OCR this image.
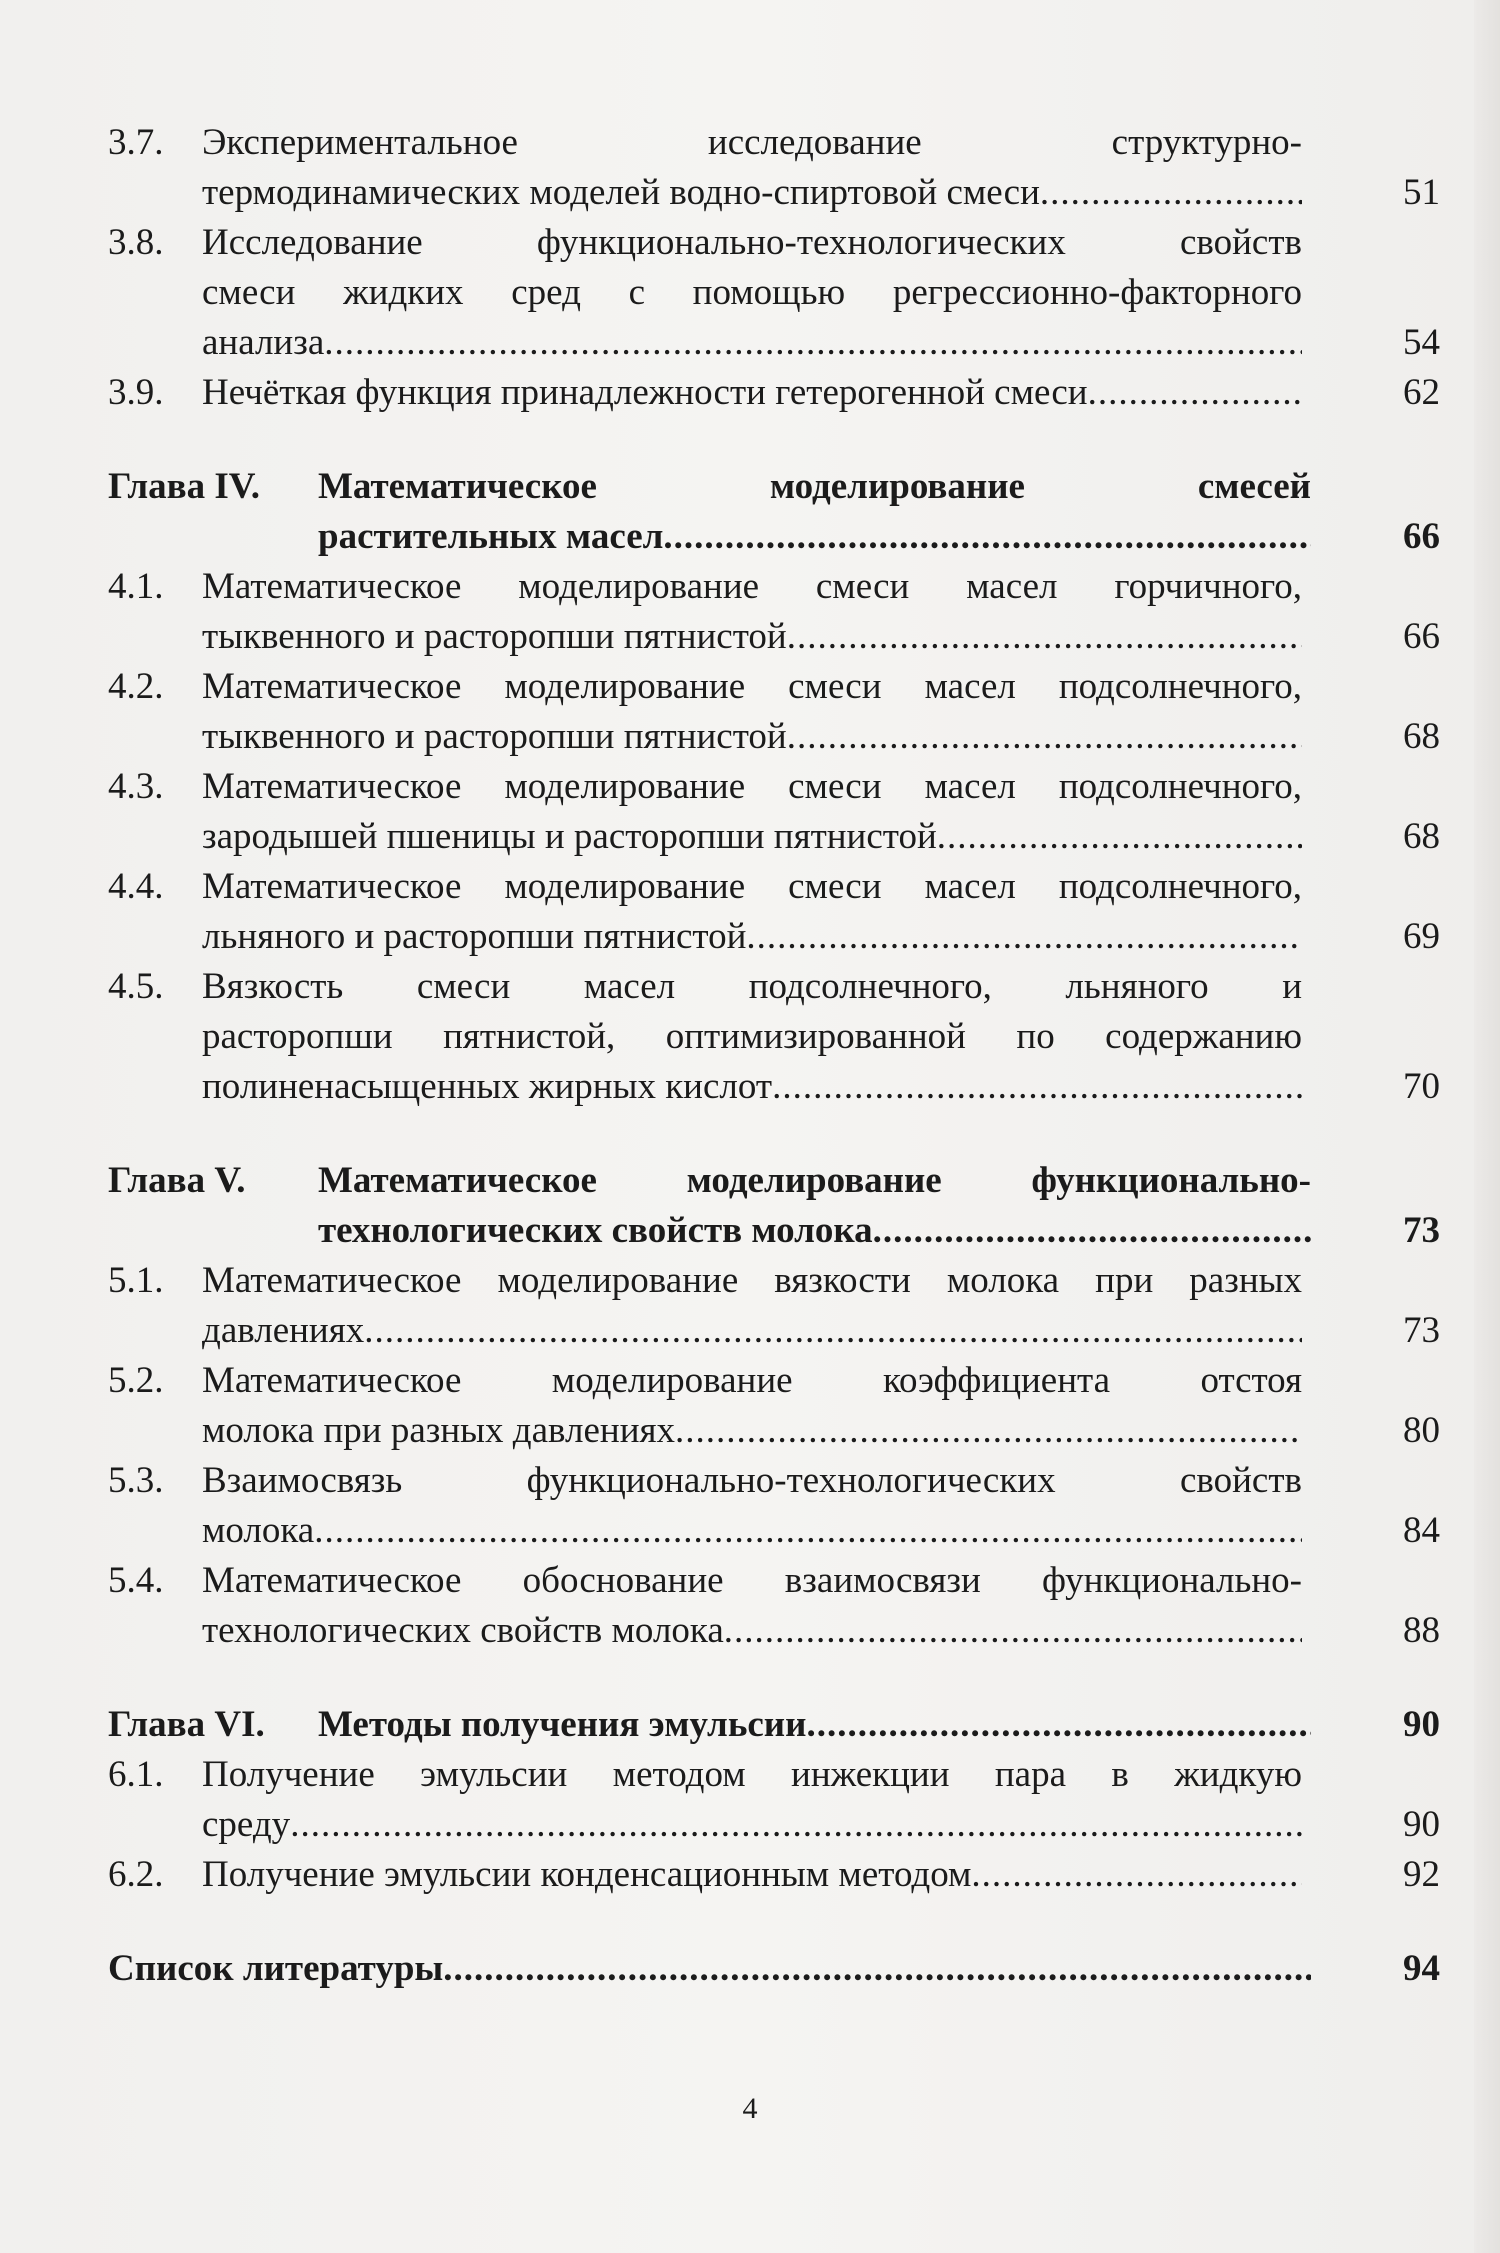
3.7.	Экспериментальное исследование структурно-
термодинамических моделей водно-спиртовой смеси .....	51
3.8.	Исследование функционально-технологических свойств
смеси жидких сред с помощью регрессионно-факторного
анализа .....	54
3.9.	Нечёткая функция принадлежности гетерогенной смеси .....	62
Глава IV.	Математическое моделирование смесей
растительных масел .....	66
4.1.	Математическое моделирование смеси масел горчичного,
тыквенного и расторопши пятнистой .....	66
4.2.	Математическое моделирование смеси масел подсолнечного,
тыквенного и расторопши пятнистой .....	68
4.3.	Математическое моделирование смеси масел подсолнечного,
зародышей пшеницы и расторопши пятнистой .....	68
4.4.	Математическое моделирование смеси масел подсолнечного,
льняного и расторопши пятнистой .....	69
4.5.	Вязкость смеси масел подсолнечного, льняного и
расторопши пятнистой, оптимизированной по содержанию
полиненасыщенных жирных кислот .....	70
Глава V.	Математическое моделирование функционально-
технологических свойств молока .....	73
5.1.	Математическое моделирование вязкости молока при разных
давлениях .....	73
5.2.	Математическое моделирование коэффициента отстоя
молока при разных давлениях .....	80
5.3.	Взаимосвязь функционально-технологических свойств
молока .....	84
5.4.	Математическое обоснование взаимосвязи функционально-
технологических свойств молока .....	88
Глава VI.	Методы получения эмульсии .....	90
6.1.	Получение эмульсии методом инжекции пара в жидкую
среду .....	90
6.2.	Получение эмульсии конденсационным методом .....	92
Список литературы .....	94
4
